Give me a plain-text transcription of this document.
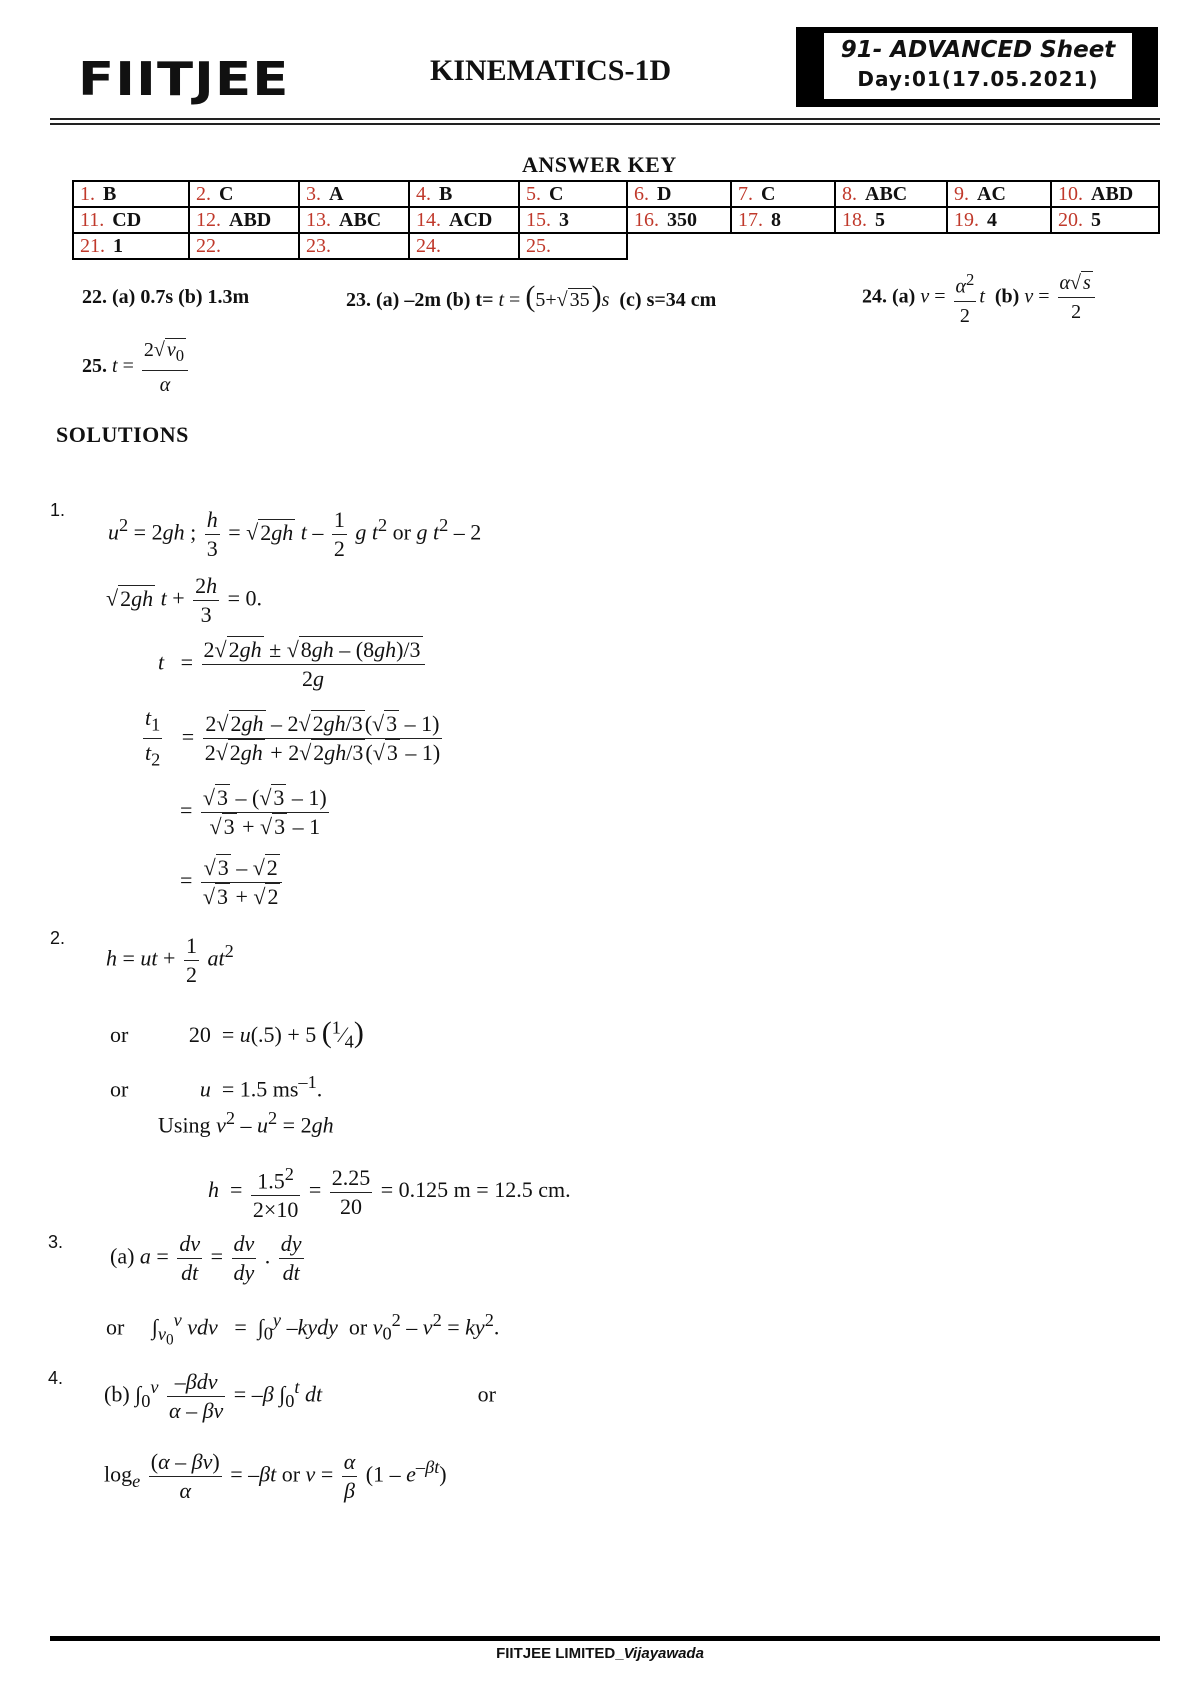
FIITJEE	KINEMATICS-1D
91- ADVANCED Sheet
Day:01(17.05.2021)
ANSWER KEY
1. B	2. C	3. A	4. B	5. C	6. D	7. C	8. ABC	9. AC	10. ABD
11. CD	12. ABD	13. ABC	14. ACD	15. 3	16. 350	17. 8	18. 5	19. 4	20. 5
21. 1	22.	23.	24.	25.					
22. (a) 0.7s (b) 1.3m	23. (a) –2m (b) t= t = (5+√ 35)s (c) s=34 cm	24. (a) $v = \frac{\alpha^2}{2}$ t (b) $v = \frac{\alpha√ s}{2}$
25. $t = \frac{2√ v_0}{\alpha}$
SOLUTIONS
1.
$u^2 = 2gh$ ; $\frac{h}{3} = √2gh$ t – $\frac{1}{2}$ g $t^2$ or g $t^2 - 2$
√2gh $t + \frac{2h}{3} = 0$.
$t = \frac{2√2gh \pm √8gh - (8gh)/3}{2g}$
$\frac{t_1}{t_2} = \frac{2√2gh - 2√2gh/3(√3 - 1)}{2√2gh + 2√2gh/3(√3 - 1)}$
= $\frac{√3 - (√3 - 1)}{√3 + √3 - 1}$
= $\frac{√3 - √2}{√3 + √2}$
2.
h = ut + $\frac{1}{2} at^2$
or           20  = u(.5) + 5 $(^1⁄_4)$
or             u  = 1.5 $ms^{-1}$.
Using $v^2 - u^2 = 2gh$
$h = \frac{1.5^2}{2\times 10} = \frac{2.25}{20} = 0.125$ m = 12.5 cm.
3.
(a) $a = \frac{dv}{dt} = \frac{dv}{dy}$ . $\frac{dy}{dt}$
or     $\int_{v_0}^v$ vdv   =  $\int_0^y$ –kydy  or $v_0^2 - v^2 = ky^2$.
4.
(b) $\int_0^v \frac{\text{–βdv}}{\alpha - \beta v} = -\beta$ $\int_0^t$ dt	or
$\log_e \frac{(\alpha - \beta v)}{\alpha} = -\beta t$ or $v = \frac{\alpha}{\beta} (1 - e^{-\beta t})$
FIITJEE LIMITED_Vijayawada
